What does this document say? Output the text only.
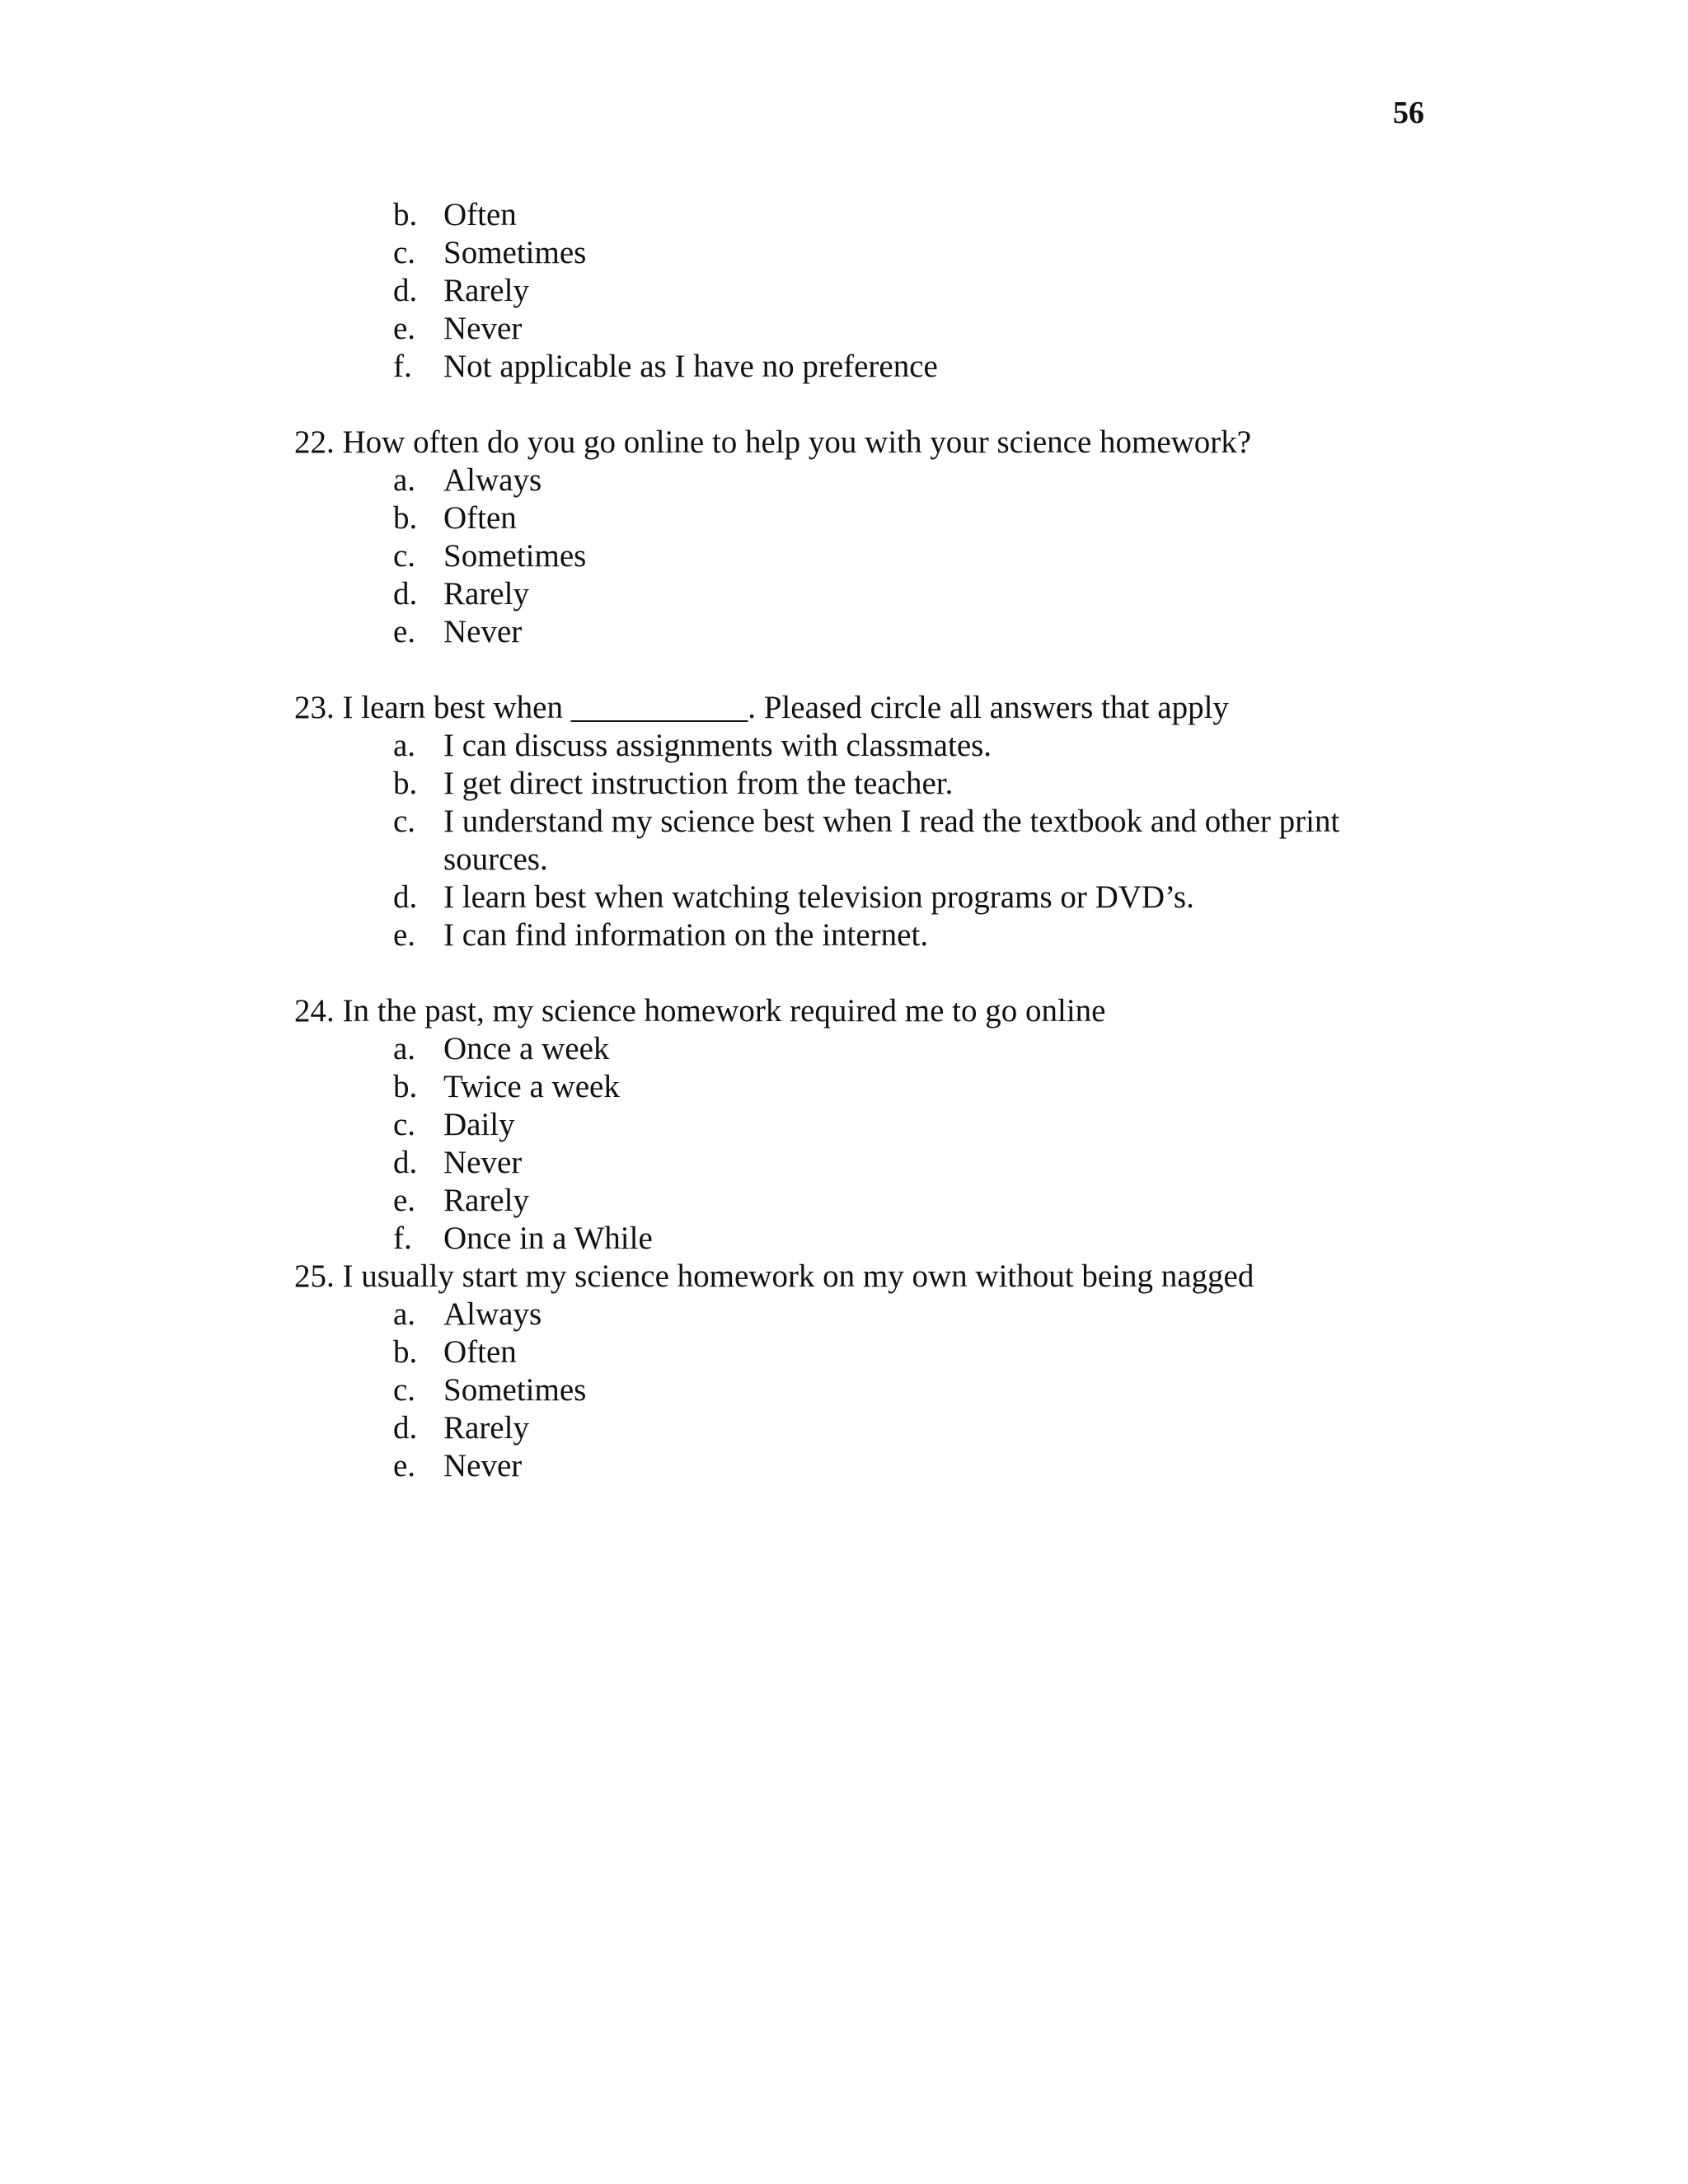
56
b. Often
c. Sometimes
d. Rarely
e. Never
f. Not applicable as I have no preference
22. How often do you go online to help you with your science homework?
a. Always
b. Often
c. Sometimes
d. Rarely
e. Never
23. I learn best when ___________. Pleased circle all answers that apply
a. I can discuss assignments with classmates.
b. I get direct instruction from the teacher.
c. I understand my science best when I read the textbook and other print sources.
d. I learn best when watching television programs or DVD’s.
e. I can find information on the internet.
24. In the past, my science homework required me to go online
a. Once a week
b. Twice a week
c. Daily
d. Never
e. Rarely
f. Once in a While
25. I usually start my science homework on my own without being nagged
a. Always
b. Often
c. Sometimes
d. Rarely
e. Never
